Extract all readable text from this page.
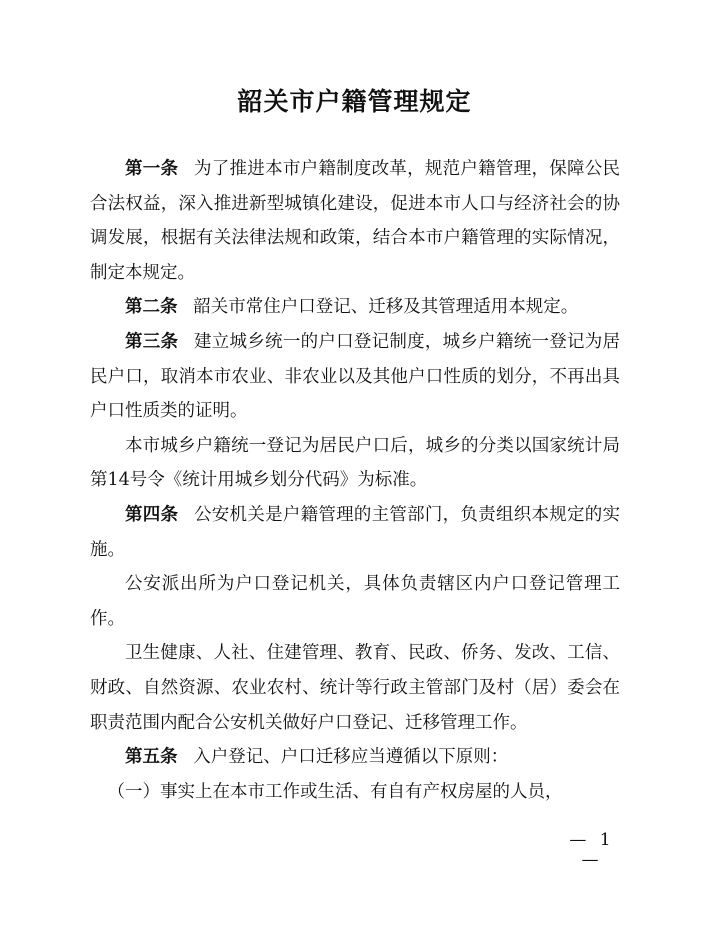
韶关市户籍管理规定

第一条 为了推进本市户籍制度改革，规范户籍管理，保障公民合法权益，深入推进新型城镇化建设，促进本市人口与经济社会的协调发展，根据有关法律法规和政策，结合本市户籍管理的实际情况，制定本规定。

第二条 韶关市常住户口登记、迁移及其管理适用本规定。

第三条 建立城乡统一的户口登记制度，城乡户籍统一登记为居民户口，取消本市农业、非农业以及其他户口性质的划分，不再出具户口性质类的证明。

本市城乡户籍统一登记为居民户口后，城乡的分类以国家统计局第14号令《统计用城乡划分代码》为标准。

第四条 公安机关是户籍管理的主管部门，负责组织本规定的实施。

公安派出所为户口登记机关，具体负责辖区内户口登记管理工作。

卫生健康、人社、住建管理、教育、民政、侨务、发改、工信、财政、自然资源、农业农村、统计等行政主管部门及村（居）委会在职责范围内配合公安机关做好户口登记、迁移管理工作。

第五条 入户登记、户口迁移应当遵循以下原则：

（一）事实上在本市工作或生活、有自有产权房屋的人员，

— 1 —
